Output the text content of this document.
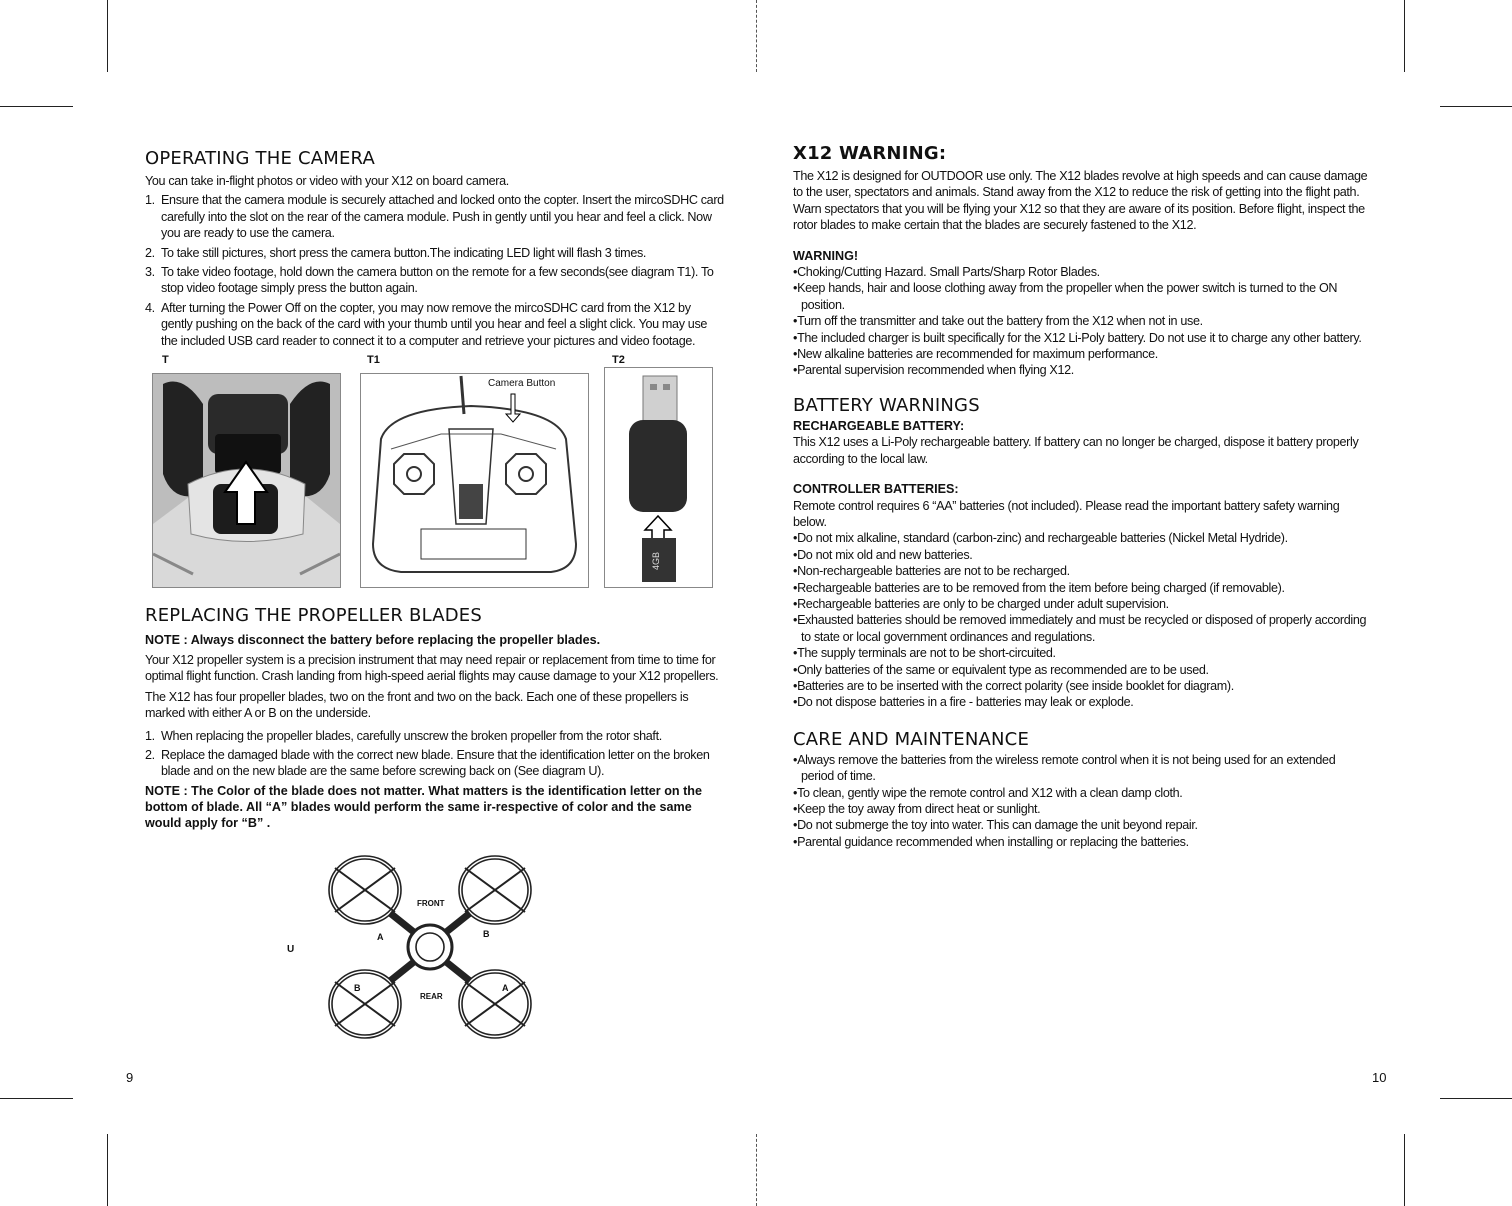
OPERATING THE CAMERA

You can take in-flight photos or video with your X12 on board camera.

1. Ensure that the camera module is securely attached and locked onto the copter. Insert the mircoSDHC card carefully into the slot on the rear of the camera module. Push in gently until you hear and feel a click. Now you are ready to use the camera.
2. To take still pictures, short press the camera button.The indicating LED light will flash 3 times.
3. To take video footage, hold down the camera button on the remote for a few seconds(see diagram T1). To stop video footage simply press the button again.
4. After turning the Power Off on the copter, you may now remove the mircoSDHC card from the X12 by gently pushing on the back of the card with your thumb until you hear and feel a slight click. You may use the included USB card reader to connect it to a computer and retrieve your pictures and video footage.
T	T1	T2
Camera Button
4GB
REPLACING THE PROPELLER BLADES

NOTE : Always disconnect the battery before replacing the propeller blades.

Your X12 propeller system is a precision instrument that may need repair or replacement from time to time for optimal flight function. Crash landing from high-speed aerial flights may cause damage to your X12 propellers.

The X12 has four propeller blades, two on the front and two on the back. Each one of these propellers is marked with either A or B on the underside.

1. When replacing the propeller blades, carefully unscrew the broken propeller from the rotor shaft.
2. Replace the damaged blade with the correct new blade. Ensure that the identification letter on the broken blade and on the new blade are the same before screwing back on (See diagram U).

NOTE : The Color of the blade does not matter. What matters is the identification letter on the bottom of blade. All “A” blades would perform the same ir-respective of color and the same would apply for “B” .

U
FRONT
REAR
A	B
B	A
9
X12 WARNING:

The X12 is designed for OUTDOOR use only. The X12 blades revolve at high speeds and can cause damage to the user, spectators and animals. Stand away from the X12 to reduce the risk of getting into the flight path. Warn spectators that you will be flying your X12 so that they are aware of its position. Before flight, inspect the rotor blades to make certain that the blades are securely fastened to the X12.

WARNING!

• Choking/Cutting Hazard. Small Parts/Sharp Rotor Blades.
• Keep hands, hair and loose clothing away from the propeller when the power switch is turned to the ON position.
• Turn off the transmitter and take out the battery from the X12 when not in use.
• The included charger is built specifically for the X12 Li-Poly battery. Do not use it to charge any other battery.
• New alkaline batteries are recommended for maximum performance.
• Parental supervision recommended when flying X12.
BATTERY WARNINGS

RECHARGEABLE BATTERY:

This X12 uses a Li-Poly rechargeable battery. If battery can no longer be charged, dispose it battery properly according to the local law.

CONTROLLER BATTERIES:

Remote control requires 6 “AA” batteries (not included). Please read the important battery safety warning below.

• Do not mix alkaline, standard (carbon-zinc) and rechargeable batteries (Nickel Metal Hydride).
• Do not mix old and new batteries.
• Non-rechargeable batteries are not to be recharged.
• Rechargeable batteries are to be removed from the item before being charged (if removable).
• Rechargeable batteries are only to be charged under adult supervision.
• Exhausted batteries should be removed immediately and must be recycled or disposed of properly according to state or local government ordinances and regulations.
• The supply terminals are not to be short-circuited.
• Only batteries of the same or equivalent type as recommended are to be used.
• Batteries are to be inserted with the correct polarity (see inside booklet for diagram).
• Do not dispose batteries in a fire - batteries may leak or explode.
CARE AND MAINTENANCE
• Always remove the batteries from the wireless remote control when it is not being used for an extended period of time.
• To clean, gently wipe the remote control and X12 with a clean damp cloth.
• Keep the toy away from direct heat or sunlight.
• Do not submerge the toy into water. This can damage the unit beyond repair.
• Parental guidance recommended when installing or replacing the batteries.
10
